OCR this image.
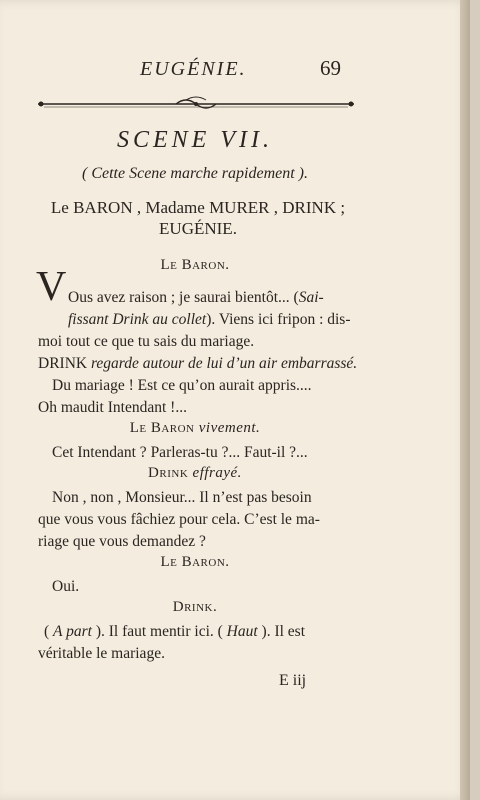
EUGÉNIE.	69
SCENE VII.
( Cette Scene marche rapidement ).
Le BARON , Madame MURER , DRINK ;
EUGÉNIE.
Le Baron.
V Ous avez raison ; je saurai bientôt... (Sai-
fissant Drink au collet). Viens ici fripon : dis-
moi tout ce que tu sais du mariage.
DRINK regarde autour de lui d’un air embarrassé.
Du mariage ! Est ce qu’on aurait appris....
Oh maudit Intendant !...
Le Baron vivement.
Cet Intendant ? Parleras-tu ?... Faut-il ?...
Drink effrayé.
Non , non , Monsieur... Il n’est pas besoin
que vous vous fâchiez pour cela. C’est le ma-
riage que vous demandez ?
Le Baron.
Oui.
Drink.
( A part ). Il faut mentir ici. ( Haut ). Il est
véritable le mariage.
E iij
